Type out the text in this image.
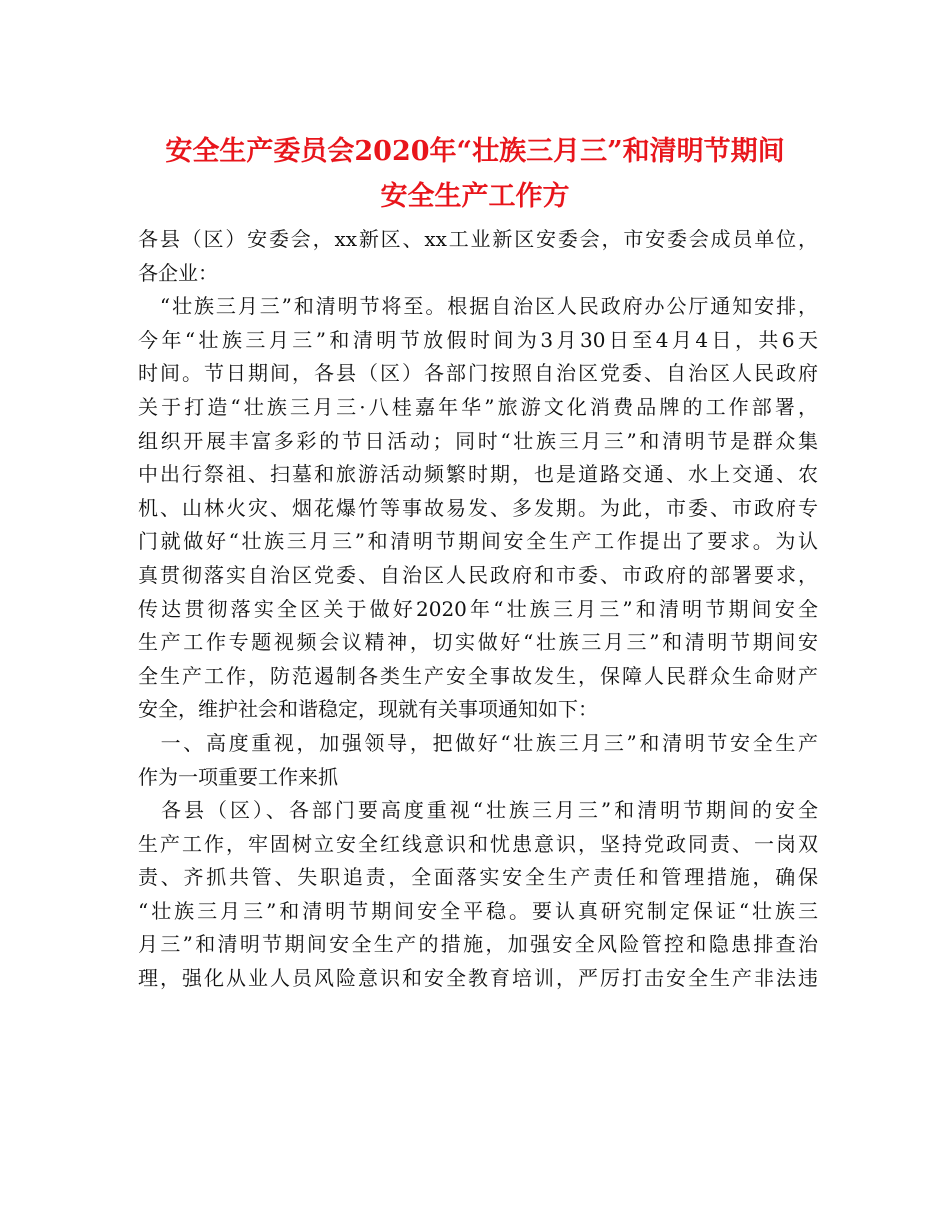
安全生产委员会2020年“壮族三月三”和清明节期间
安全生产工作方
各县（区）安委会，xx新区、xx工业新区安委会，市安委会成员单位，
各企业：
　“壮族三月三”和清明节将至。根据自治区人民政府办公厅通知安排，
今年“壮族三月三”和清明节放假时间为3月30日至4月4日，共6天
时间。节日期间，各县（区）各部门按照自治区党委、自治区人民政府
关于打造“壮族三月三·八桂嘉年华”旅游文化消费品牌的工作部署，
组织开展丰富多彩的节日活动；同时“壮族三月三”和清明节是群众集
中出行祭祖、扫墓和旅游活动频繁时期，也是道路交通、水上交通、农
机、山林火灾、烟花爆竹等事故易发、多发期。为此，市委、市政府专
门就做好“壮族三月三”和清明节期间安全生产工作提出了要求。为认
真贯彻落实自治区党委、自治区人民政府和市委、市政府的部署要求，
传达贯彻落实全区关于做好2020年“壮族三月三”和清明节期间安全
生产工作专题视频会议精神，切实做好“壮族三月三”和清明节期间安
全生产工作，防范遏制各类生产安全事故发生，保障人民群众生命财产
安全，维护社会和谐稳定，现就有关事项通知如下：
　一、高度重视，加强领导，把做好“壮族三月三”和清明节安全生产
作为一项重要工作来抓
　各县（区）、各部门要高度重视“壮族三月三”和清明节期间的安全
生产工作，牢固树立安全红线意识和忧患意识，坚持党政同责、一岗双
责、齐抓共管、失职追责，全面落实安全生产责任和管理措施，确保
“壮族三月三”和清明节期间安全平稳。要认真研究制定保证“壮族三
月三”和清明节期间安全生产的措施，加强安全风险管控和隐患排查治
理，强化从业人员风险意识和安全教育培训，严厉打击安全生产非法违
